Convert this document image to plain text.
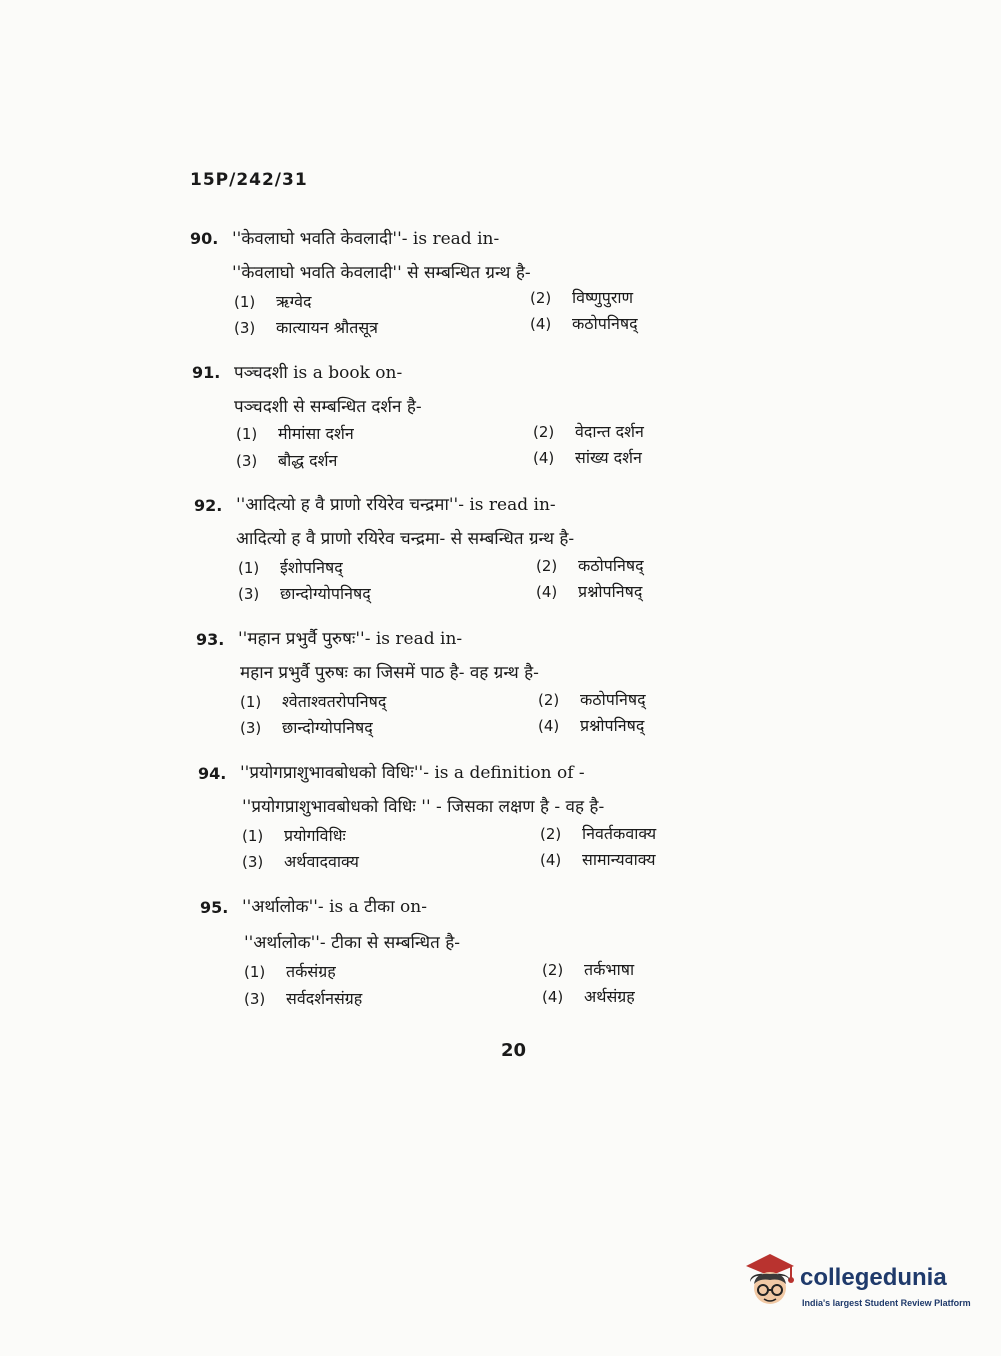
15P/242/31
90. ''केवलाघो भवति केवलादी''- is read in-
''केवलाघो भवति केवलादी'' से सम्बन्धित ग्रन्थ है-
(1) ऋग्वेद	(2) विष्णुपुराण
(3) कात्यायन श्रौतसूत्र	(4) कठोपनिषद्
91. पञ्चदशी is a book on-
पञ्चदशी से सम्बन्धित दर्शन है-
(1) मीमांसा दर्शन	(2) वेदान्त दर्शन
(3) बौद्ध दर्शन	(4) सांख्य दर्शन
92. ''आदित्यो ह वै प्राणो रयिरेव चन्द्रमा''- is read in-
आदित्यो ह वै प्राणो रयिरेव चन्द्रमा- से सम्बन्धित ग्रन्थ है-
(1) ईशोपनिषद्	(2) कठोपनिषद्
(3) छान्दोग्योपनिषद्	(4) प्रश्नोपनिषद्
93. ''महान प्रभुर्वै पुरुषः''- is read in-
महान प्रभुर्वै पुरुषः का जिसमें पाठ है- वह ग्रन्थ है-
(1) श्वेताश्वतरोपनिषद्	(2) कठोपनिषद्
(3) छान्दोग्योपनिषद्	(4) प्रश्नोपनिषद्
94. ''प्रयोगप्राशुभावबोधको विधिः''- is a definition of -
''प्रयोगप्राशुभावबोधको विधिः '' - जिसका लक्षण है - वह है-
(1) प्रयोगविधिः	(2) निवर्तकवाक्य
(3) अर्थवादवाक्य	(4) सामान्यवाक्य
95. ''अर्थालोक''- is a टीका on-
''अर्थालोक''- टीका से सम्बन्धित है-
(1) तर्कसंग्रह	(2) तर्कभाषा
(3) सर्वदर्शनसंग्रह	(4) अर्थसंग्रह
20
collegedunia
India's largest Student Review Platform
